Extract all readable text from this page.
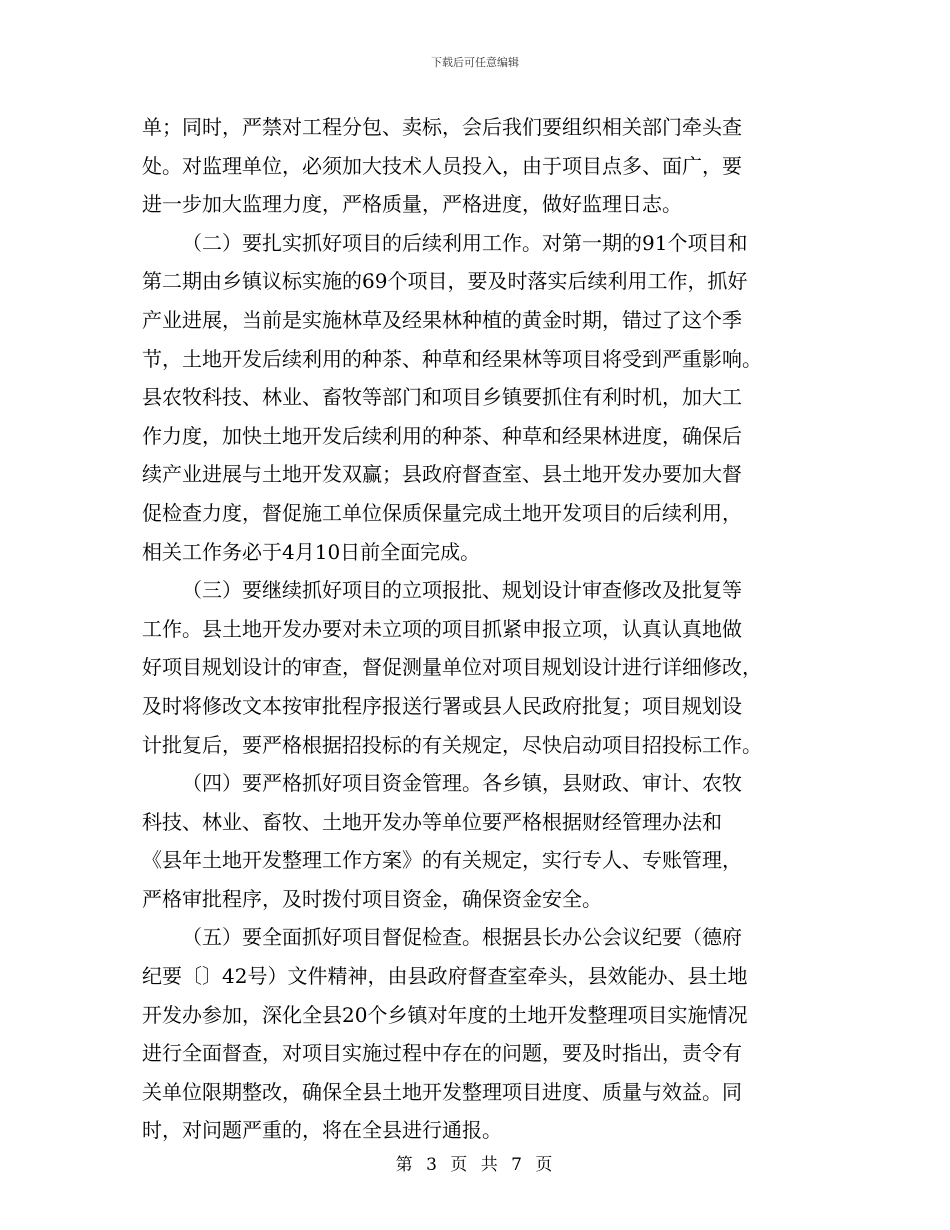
下载后可任意编辑
单；同时，严禁对工程分包、卖标，会后我们要组织相关部门牵头查
处。对监理单位，必须加大技术人员投入，由于项目点多、面广，要
进一步加大监理力度，严格质量，严格进度，做好监理日志。
（二）要扎实抓好项目的后续利用工作。对第一期的91个项目和
第二期由乡镇议标实施的69个项目，要及时落实后续利用工作，抓好
产业进展，当前是实施林草及经果林种植的黄金时期，错过了这个季
节，土地开发后续利用的种茶、种草和经果林等项目将受到严重影响。
县农牧科技、林业、畜牧等部门和项目乡镇要抓住有利时机，加大工
作力度，加快土地开发后续利用的种茶、种草和经果林进度，确保后
续产业进展与土地开发双赢；县政府督查室、县土地开发办要加大督
促检查力度，督促施工单位保质保量完成土地开发项目的后续利用，
相关工作务必于4月10日前全面完成。
（三）要继续抓好项目的立项报批、规划设计审查修改及批复等
工作。县土地开发办要对未立项的项目抓紧申报立项，认真认真地做
好项目规划设计的审查，督促测量单位对项目规划设计进行详细修改，
及时将修改文本按审批程序报送行署或县人民政府批复；项目规划设
计批复后，要严格根据招投标的有关规定，尽快启动项目招投标工作。
（四）要严格抓好项目资金管理。各乡镇，县财政、审计、农牧
科技、林业、畜牧、土地开发办等单位要严格根据财经管理办法和
《县年土地开发整理工作方案》的有关规定，实行专人、专账管理，
严格审批程序，及时拨付项目资金，确保资金安全。
（五）要全面抓好项目督促检查。根据县长办公会议纪要（德府
纪要〔〕42号）文件精神，由县政府督查室牵头，县效能办、县土地
开发办参加，深化全县20个乡镇对年度的土地开发整理项目实施情况
进行全面督查，对项目实施过程中存在的问题，要及时指出，责令有
关单位限期整改，确保全县土地开发整理项目进度、质量与效益。同
时，对问题严重的，将在全县进行通报。
第 3 页 共 7 页
